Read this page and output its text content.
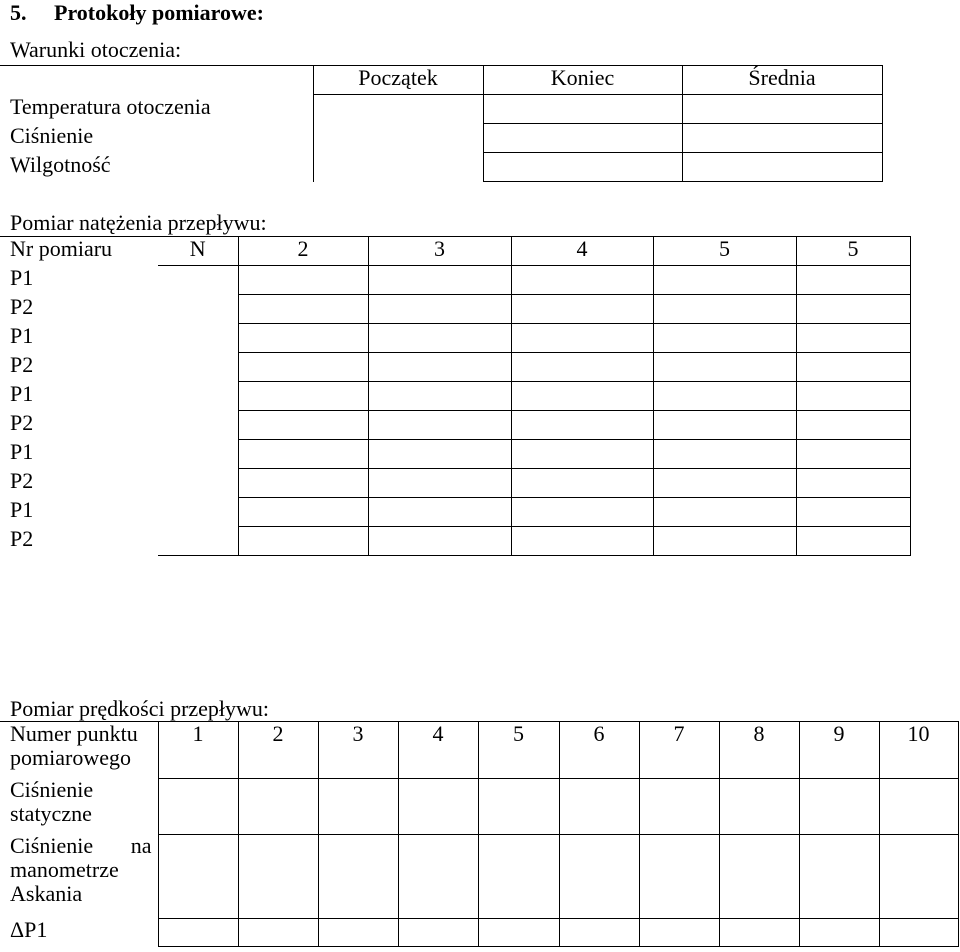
5. Protokoły pomiarowe:
Warunki otoczenia:
	Początek	Koniec	Średnia
Temperatura otoczenia			
Ciśnienie			
Wilgotność			
Pomiar natężenia przepływu:
Nr pomiaru	N	2	3	4	5	5
P1						
P2						
P1						
P2						
P1						
P2						
P1						
P2						
P1						
P2						
Pomiar prędkości przepływu:
Numer punktu
pomiarowego	1	2	3	4	5	6	7	8	9	10

Ciśnienie
statyczne										

Ciśnienie na
manometrze
Askania										

ΔP1										
